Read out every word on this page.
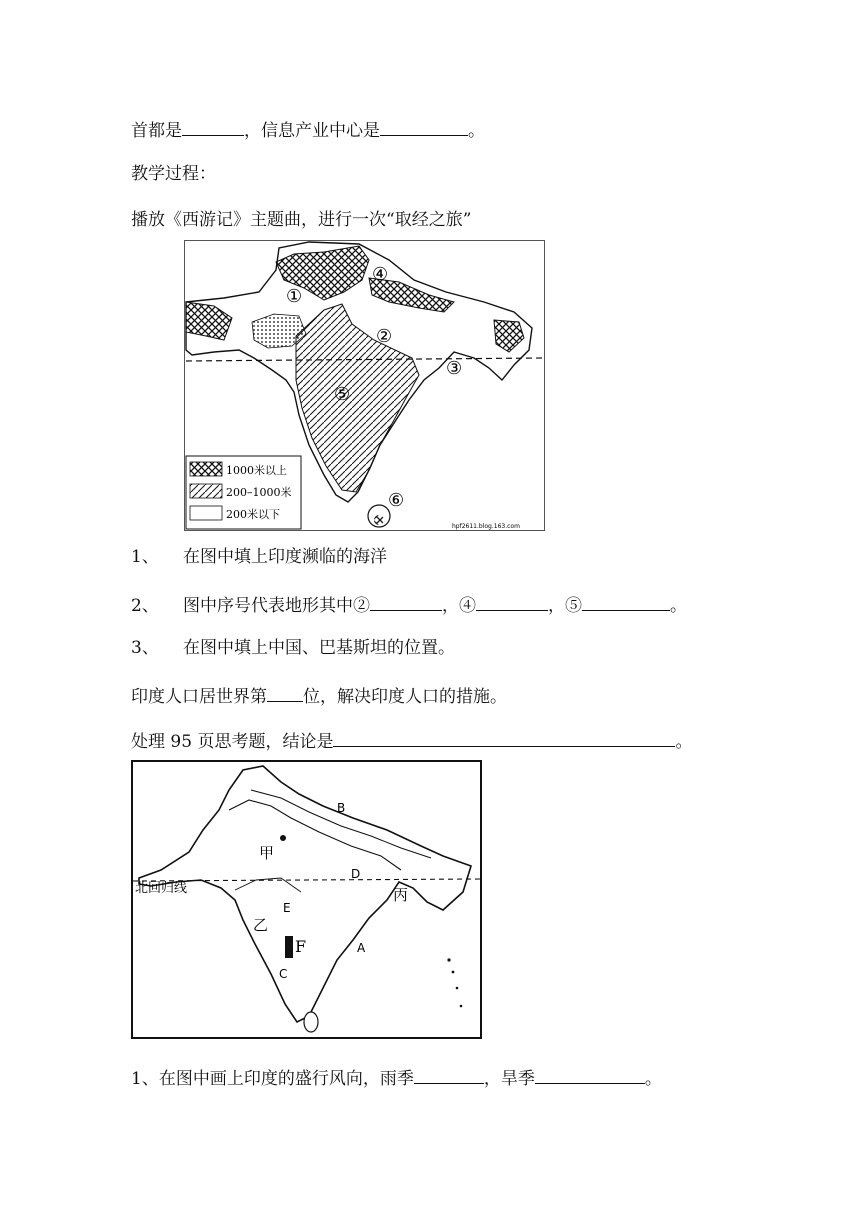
首都是	，信息产业中心是	。
教学过程：
播放《西游记》主题曲，进行一次“取经之旅”
①
②
③
④
⑤
⑥
1000米以上
200–1000米
200米以下
hpf2611.blog.163.com
1、 在图中填上印度濒临的海洋
2、 图中序号代表地形其中②	，④	，⑤	。
3、 在图中填上中国、巴基斯坦的位置。
印度人口居世界第 位，解决印度人口的措施。
处理 95 页思考题，结论是	。
北回归线
B
甲
D
丙
E
乙
F
C
A
1、在图中画上印度的盛行风向，雨季	，旱季	。
